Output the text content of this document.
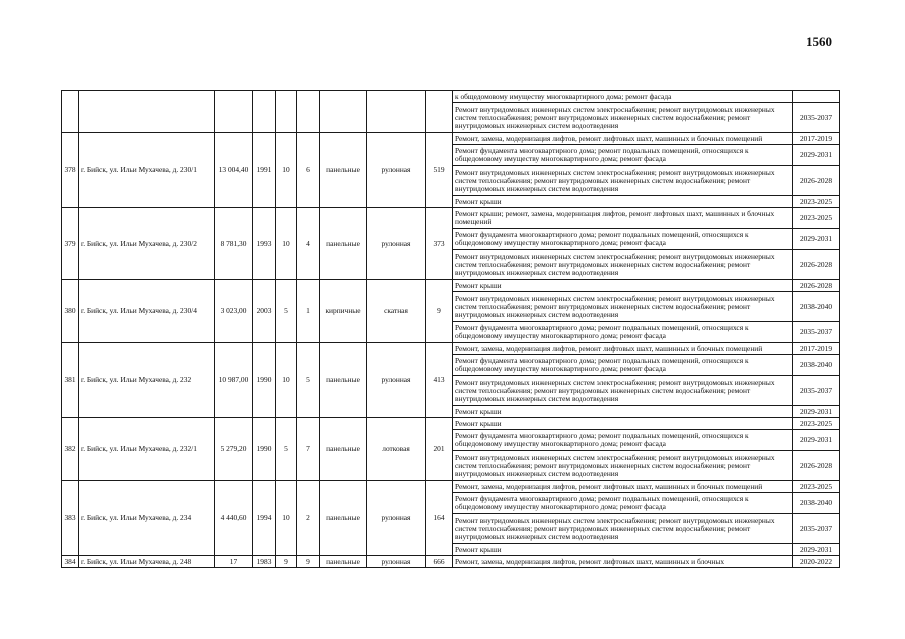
1560
									к общедомовому имуществу многоквартирного дома; ремонт фасада	
									Ремонт внутридомовых инженерных систем электроснабжения; ремонт внутридомовых инженерных
систем теплоснабжения; ремонт внутридомовых инженерных систем водоснабжения; ремонт
внутридомовых инженерных систем водоотведения	2035-2037
378	г. Бийск, ул. Ильи Мухачева, д. 230/1	13 004,40	1991	10	6	панельные	рулонная	519	Ремонт, замена, модернизация лифтов, ремонт лифтовых шахт, машинных и блочных помещений	2017-2019
									Ремонт фундамента многоквартирного дома; ремонт подвальных помещений, относящихся к
общедомовому имуществу многоквартирного дома; ремонт фасада	2029-2031
									Ремонт внутридомовых инженерных систем электроснабжения; ремонт внутридомовых инженерных
систем теплоснабжения; ремонт внутридомовых инженерных систем водоснабжения; ремонт
внутридомовых инженерных систем водоотведения	2026-2028
									Ремонт крыши	2023-2025
379	г. Бийск, ул. Ильи Мухачева, д. 230/2	8 781,30	1993	10	4	панельные	рулонная	373	Ремонт крыши; ремонт, замена, модернизация лифтов, ремонт лифтовых шахт, машинных и блочных
помещений	2023-2025
									Ремонт фундамента многоквартирного дома; ремонт подвальных помещений, относящихся к
общедомовому имуществу многоквартирного дома; ремонт фасада	2029-2031
									Ремонт внутридомовых инженерных систем электроснабжения; ремонт внутридомовых инженерных
систем теплоснабжения; ремонт внутридомовых инженерных систем водоснабжения; ремонт
внутридомовых инженерных систем водоотведения	2026-2028
380	г. Бийск, ул. Ильи Мухачева, д. 230/4	3 023,00	2003	5	1	кирпичные	скатная	9	Ремонт крыши	2026-2028
									Ремонт внутридомовых инженерных систем электроснабжения; ремонт внутридомовых инженерных
систем теплоснабжения; ремонт внутридомовых инженерных систем водоснабжения; ремонт
внутридомовых инженерных систем водоотведения	2038-2040
									Ремонт фундамента многоквартирного дома; ремонт подвальных помещений, относящихся к
общедомовому имуществу многоквартирного дома; ремонт фасада	2035-2037
381	г. Бийск, ул. Ильи Мухачева, д. 232	10 987,00	1990	10	5	панельные	рулонная	413	Ремонт, замена, модернизация лифтов, ремонт лифтовых шахт, машинных и блочных помещений	2017-2019
									Ремонт фундамента многоквартирного дома; ремонт подвальных помещений, относящихся к
общедомовому имуществу многоквартирного дома; ремонт фасада	2038-2040
									Ремонт внутридомовых инженерных систем электроснабжения; ремонт внутридомовых инженерных
систем теплоснабжения; ремонт внутридомовых инженерных систем водоснабжения; ремонт
внутридомовых инженерных систем водоотведения	2035-2037
									Ремонт крыши	2029-2031
382	г. Бийск, ул. Ильи Мухачева, д. 232/1	5 279,20	1990	5	7	панельные	лотковая	201	Ремонт крыши	2023-2025
									Ремонт фундамента многоквартирного дома; ремонт подвальных помещений, относящихся к
общедомовому имуществу многоквартирного дома; ремонт фасада	2029-2031
									Ремонт внутридомовых инженерных систем электроснабжения; ремонт внутридомовых инженерных
систем теплоснабжения; ремонт внутридомовых инженерных систем водоснабжения; ремонт
внутридомовых инженерных систем водоотведения	2026-2028
383	г. Бийск, ул. Ильи Мухачева, д. 234	4 440,60	1994	10	2	панельные	рулонная	164	Ремонт, замена, модернизация лифтов, ремонт лифтовых шахт, машинных и блочных помещений	2023-2025
									Ремонт фундамента многоквартирного дома; ремонт подвальных помещений, относящихся к
общедомовому имуществу многоквартирного дома; ремонт фасада	2038-2040
									Ремонт внутридомовых инженерных систем электроснабжения; ремонт внутридомовых инженерных
систем теплоснабжения; ремонт внутридомовых инженерных систем водоснабжения; ремонт
внутридомовых инженерных систем водоотведения	2035-2037
									Ремонт крыши	2029-2031
384	г. Бийск, ул. Ильи Мухачева, д. 248	17	1983	9	9	панельные	рулонная	666	Ремонт, замена, модернизация лифтов, ремонт лифтовых шахт, машинных и блочных	2020-2022
